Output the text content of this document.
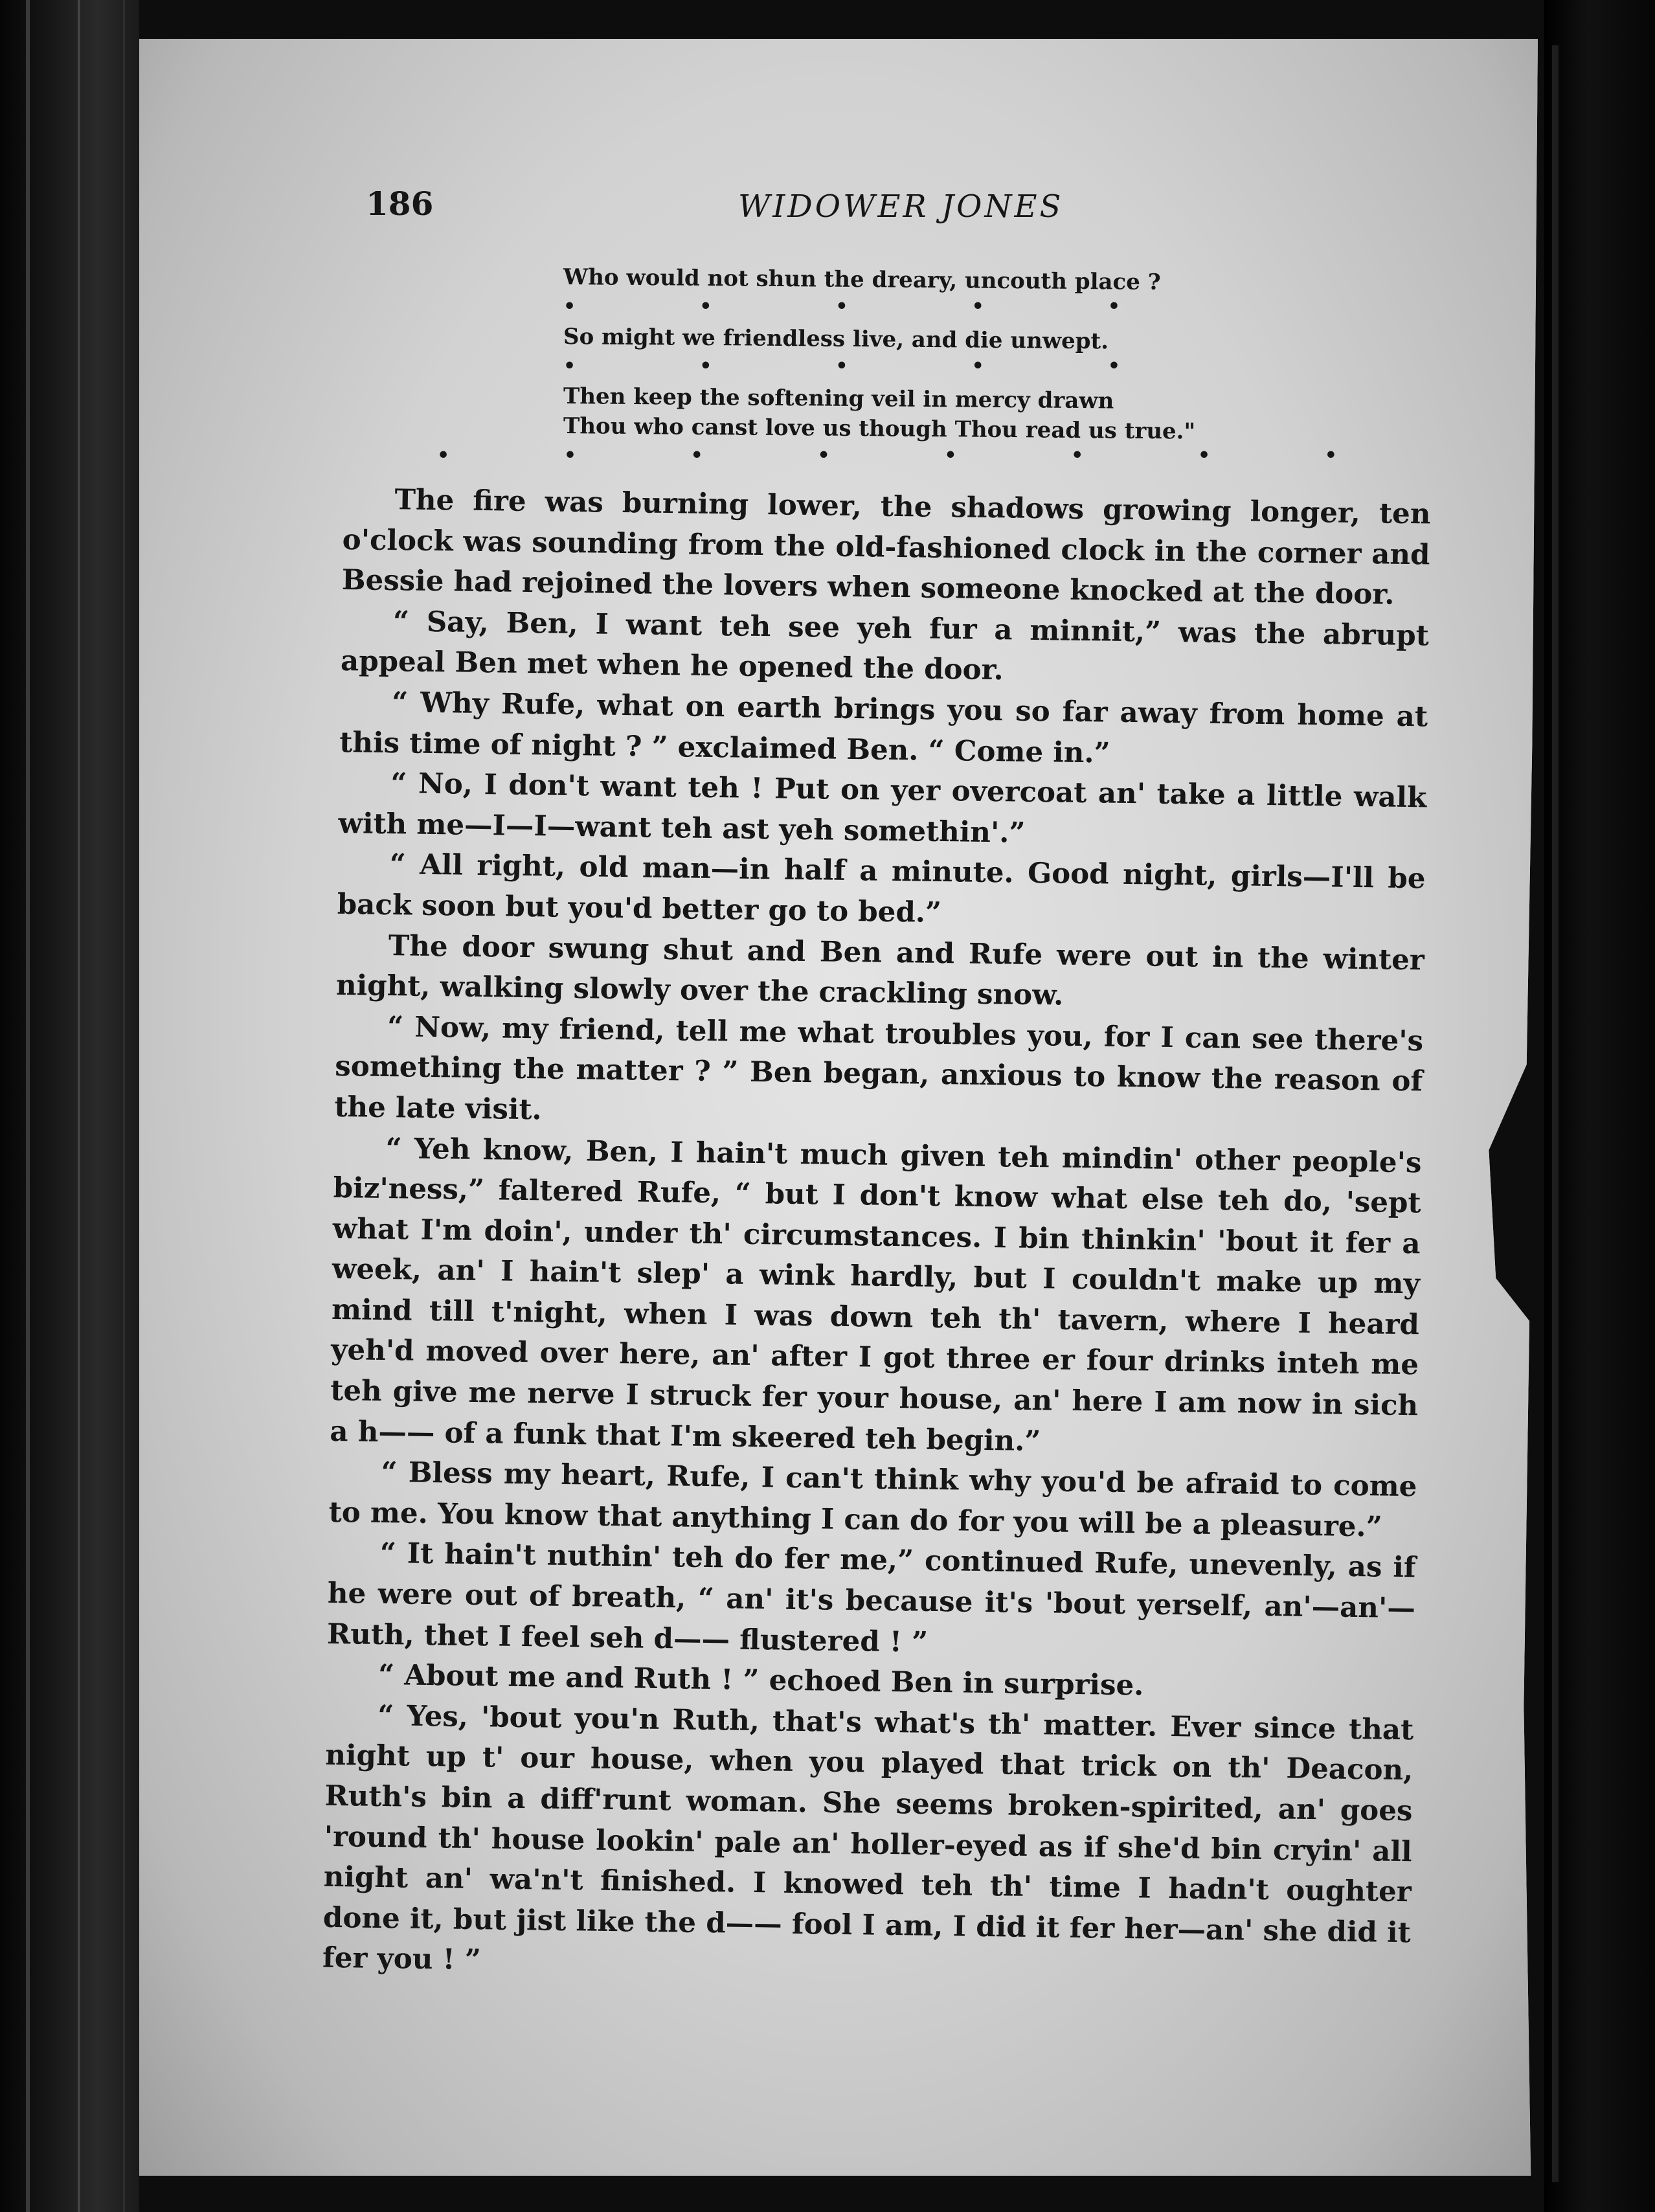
186	WIDOWER JONES
Who would not shun the dreary, uncouth place ?
•	•	•	•	•
So might we friendless live, and die unwept.
•	•	•	•	•
Then keep the softening veil in mercy drawn
Thou who canst love us though Thou read us true."
•	•	•	•	•	•	•	•

The fire was burning lower, the shadows growing longer, ten o'clock was sounding from the old-fashioned clock in the corner and Bessie had rejoined the lovers when someone knocked at the door.

“ Say, Ben, I want teh see yeh fur a minnit,” was the abrupt appeal Ben met when he opened the door.

“ Why Rufe, what on earth brings you so far away from home at this time of night ? ” exclaimed Ben. “ Come in.”

“ No, I don't want teh ! Put on yer overcoat an' take a little walk with me—I—I—want teh ast yeh somethin'.”

“ All right, old man—in half a minute. Good night, girls—I'll be back soon but you'd better go to bed.”

The door swung shut and Ben and Rufe were out in the winter night, walking slowly over the crackling snow.

“ Now, my friend, tell me what troubles you, for I can see there's something the matter ? ” Ben began, anxious to know the reason of the late visit.

“ Yeh know, Ben, I hain't much given teh mindin' other people's biz'ness,” faltered Rufe, “ but I don't know what else teh do, 'sept what I'm doin', under th' circumstances. I bin thinkin' 'bout it fer a week, an' I hain't slep' a wink hardly, but I couldn't make up my mind till t'night, when I was down teh th' tavern, where I heard yeh'd moved over here, an' after I got three er four drinks inteh me teh give me nerve I struck fer your house, an' here I am now in sich a h—— of a funk that I'm skeered teh begin.”

“ Bless my heart, Rufe, I can't think why you'd be afraid to come to me. You know that anything I can do for you will be a pleasure.”

“ It hain't nuthin' teh do fer me,” continued Rufe, unevenly, as if he were out of breath, “ an' it's because it's 'bout yerself, an'—an'— Ruth, thet I feel seh d—— flustered ! ”

“ About me and Ruth ! ” echoed Ben in surprise.

“ Yes, 'bout you'n Ruth, that's what's th' matter. Ever since that night up t' our house, when you played that trick on th' Deacon, Ruth's bin a diff'runt woman. She seems broken-spirited, an' goes 'round th' house lookin' pale an' holler-eyed as if she'd bin cryin' all night an' wa'n't finished. I knowed teh th' time I hadn't oughter done it, but jist like the d—— fool I am, I did it fer her—an' she did it fer you ! ”
